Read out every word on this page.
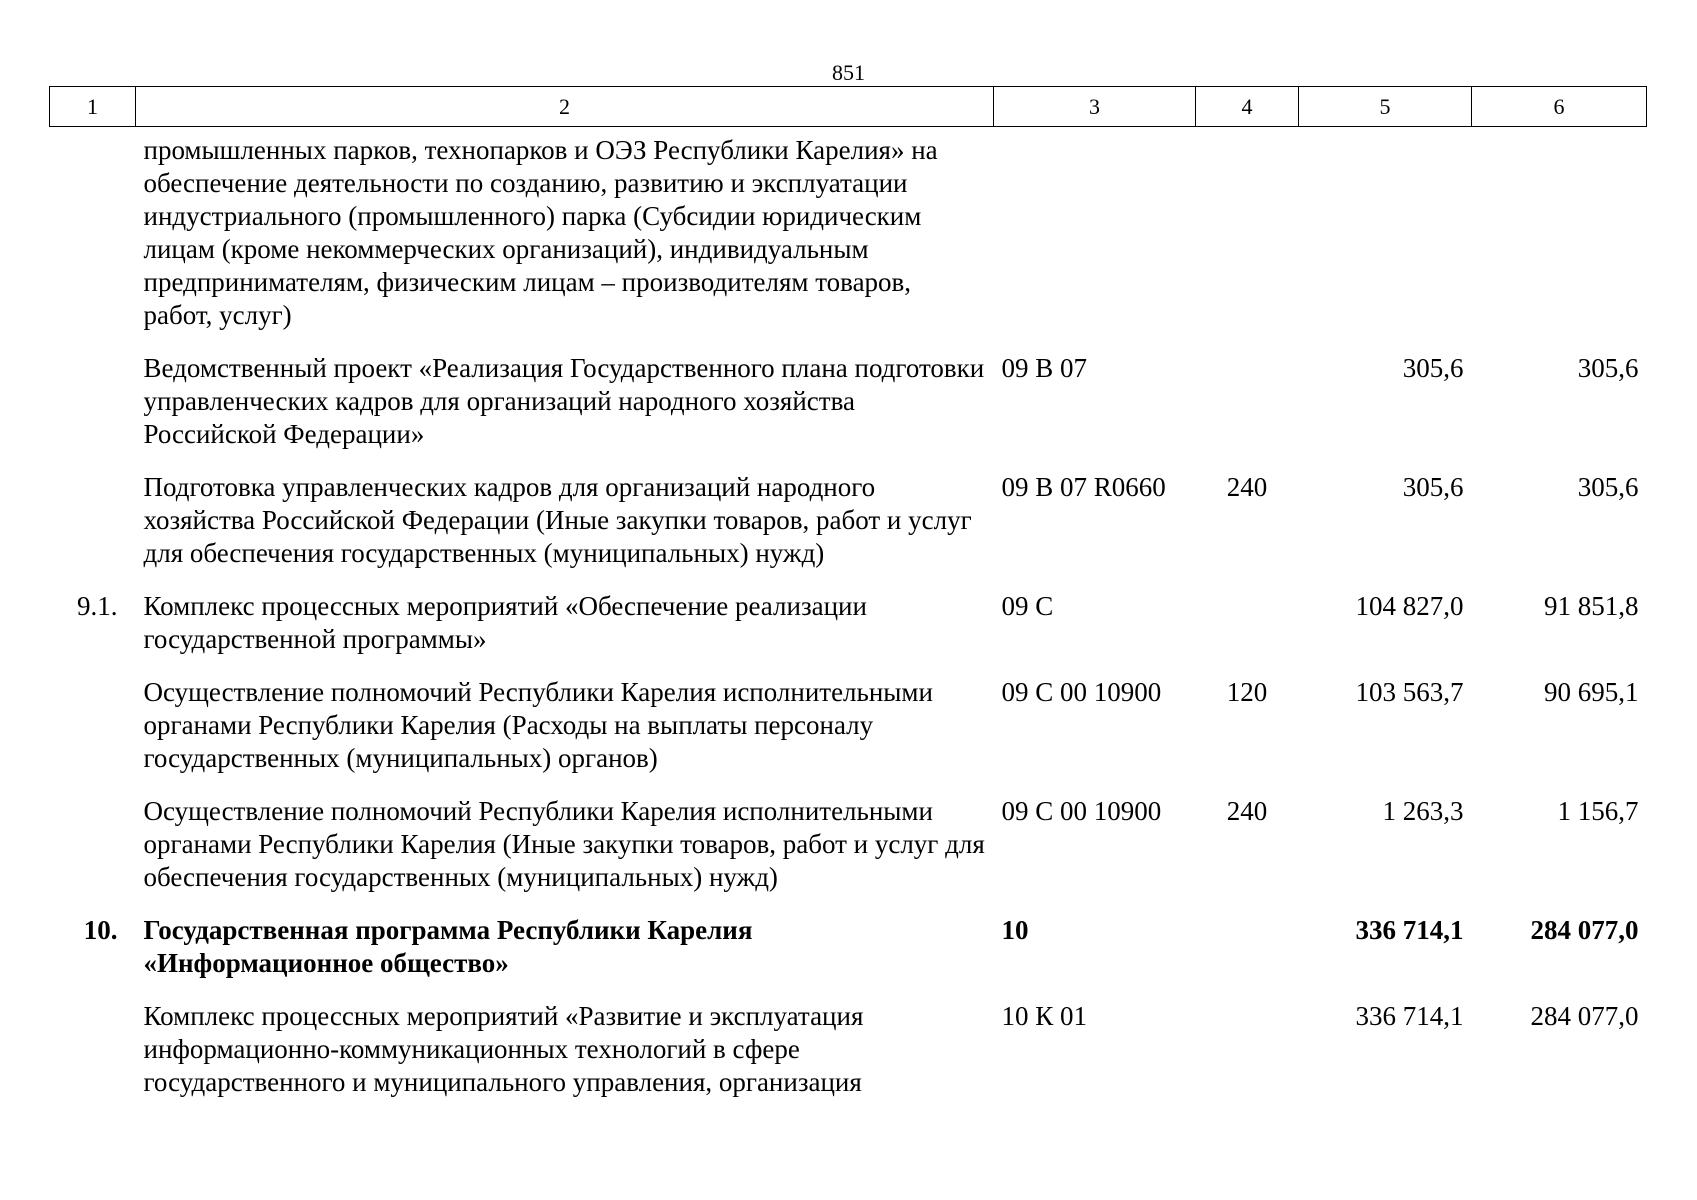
851
1	2	3	4	5	6
	промышленных парков, технопарков и ОЭЗ Республики Карелия» на обеспечение деятельности по созданию, развитию и эксплуатации индустриального (промышленного) парка (Субсидии юридическим лицам (кроме некоммерческих организаций), индивидуальным предпринимателям, физическим лицам – производителям товаров, работ, услуг)				
	Ведомственный проект «Реализация Государственного плана подготовки управленческих кадров для организаций народного хозяйства Российской Федерации»	09 В 07		305,6	305,6
	Подготовка управленческих кадров для организаций народного хозяйства Российской Федерации (Иные закупки товаров, работ и услуг для обеспечения государственных (муниципальных) нужд)	09 В 07 R0660	240	305,6	305,6
9.1.	Комплекс процессных мероприятий «Обеспечение реализации государственной программы»	09 С		104 827,0	91 851,8
	Осуществление полномочий Республики Карелия исполнительными органами Республики Карелия (Расходы на выплаты персоналу государственных (муниципальных) органов)	09 С 00 10900	120	103 563,7	90 695,1
	Осуществление полномочий Республики Карелия исполнительными органами Республики Карелия (Иные закупки товаров, работ и услуг для обеспечения государственных (муниципальных) нужд)	09 С 00 10900	240	1 263,3	1 156,7
10.	Государственная программа Республики Карелия «Информационное общество»	10		336 714,1	284 077,0
	Комплекс процессных мероприятий «Развитие и эксплуатация информационно-коммуникационных технологий в сфере государственного и муниципального управления, организация	10 К 01		336 714,1	284 077,0
